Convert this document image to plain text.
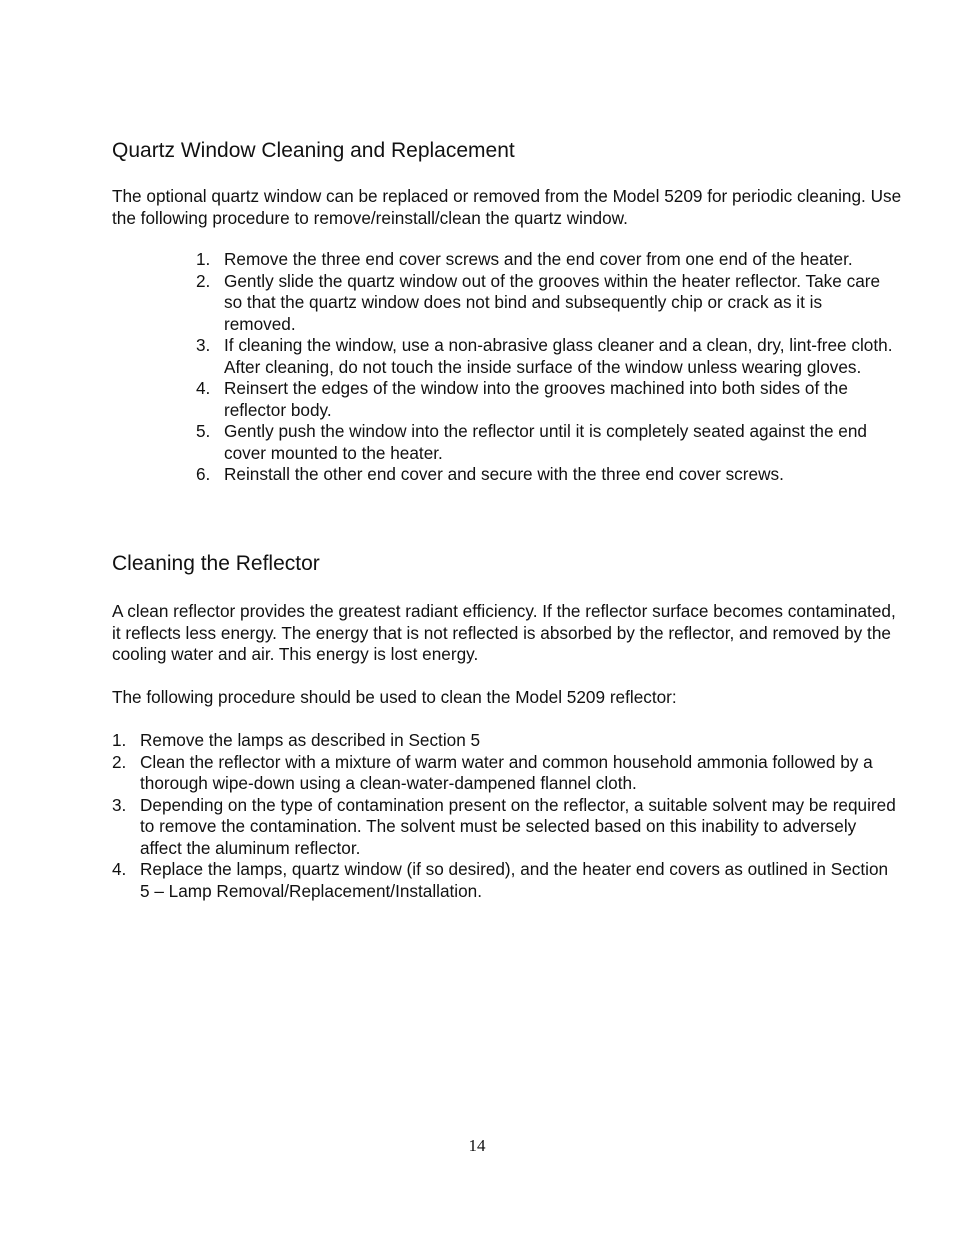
Quartz Window Cleaning and Replacement

The optional quartz window can be replaced or removed from the Model 5209 for periodic cleaning. Use the following procedure to remove/reinstall/clean the quartz window.

1. Remove the three end cover screws and the end cover from one end of the heater.
2. Gently slide the quartz window out of the grooves within the heater reflector. Take care so that the quartz window does not bind and subsequently chip or crack as it is removed.
3. If cleaning the window, use a non-abrasive glass cleaner and a clean, dry, lint-free cloth. After cleaning, do not touch the inside surface of the window unless wearing gloves.
4. Reinsert the edges of the window into the grooves machined into both sides of the reflector body.
5. Gently push the window into the reflector until it is completely seated against the end cover mounted to the heater.
6. Reinstall the other end cover and secure with the three end cover screws.
Cleaning the Reflector

A clean reflector provides the greatest radiant efficiency. If the reflector surface becomes contaminated, it reflects less energy. The energy that is not reflected is absorbed by the reflector, and removed by the cooling water and air. This energy is lost energy.

The following procedure should be used to clean the Model 5209 reflector:

1. Remove the lamps as described in Section 5
2. Clean the reflector with a mixture of warm water and common household ammonia followed by a thorough wipe-down using a clean-water-dampened flannel cloth.
3. Depending on the type of contamination present on the reflector, a suitable solvent may be required to remove the contamination. The solvent must be selected based on this inability to adversely affect the aluminum reflector.
4. Replace the lamps, quartz window (if so desired), and the heater end covers as outlined in Section 5 – Lamp Removal/Replacement/Installation.
14
